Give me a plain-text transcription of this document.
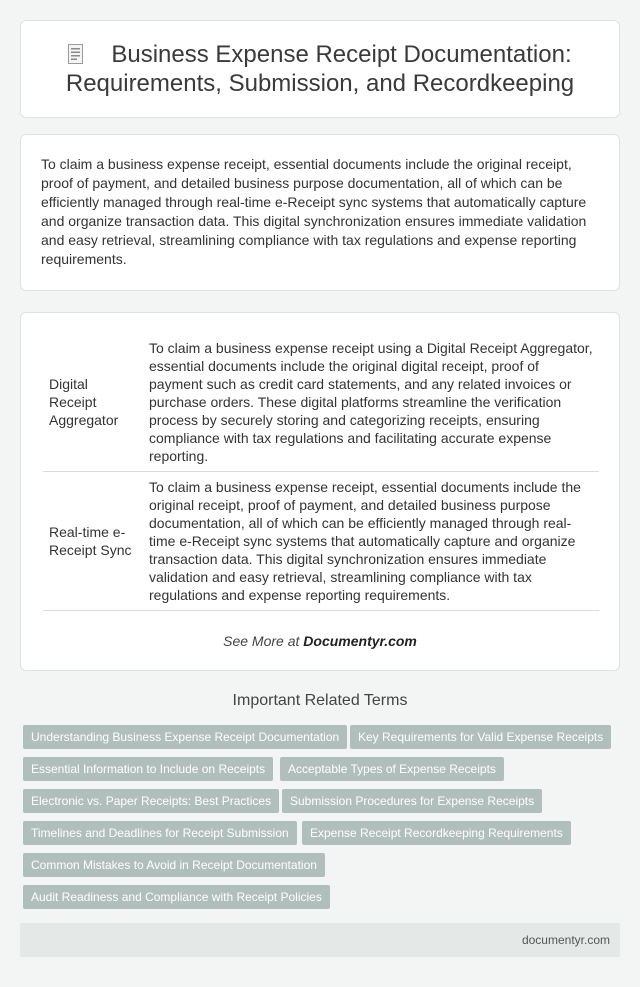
Business Expense Receipt Documentation: Requirements, Submission, and Recordkeeping

To claim a business expense receipt, essential documents include the original receipt, proof of payment, and detailed business purpose documentation, all of which can be efficiently managed through real-time e-Receipt sync systems that automatically capture and organize transaction data. This digital synchronization ensures immediate validation and easy retrieval, streamlining compliance with tax regulations and expense reporting requirements.

Digital Receipt Aggregator	To claim a business expense receipt using a Digital Receipt Aggregator, essential documents include the original digital receipt, proof of payment such as credit card statements, and any related invoices or purchase orders. These digital platforms streamline the verification process by securely storing and categorizing receipts, ensuring compliance with tax regulations and facilitating accurate expense reporting.
Real-time e-Receipt Sync	To claim a business expense receipt, essential documents include the original receipt, proof of payment, and detailed business purpose documentation, all of which can be efficiently managed through real-time e-Receipt sync systems that automatically capture and organize transaction data. This digital synchronization ensures immediate validation and easy retrieval, streamlining compliance with tax regulations and expense reporting requirements.
See More at Documentyr.com
Important Related Terms
Understanding Business Expense Receipt Documentation	Key Requirements for Valid Expense Receipts
Essential Information to Include on Receipts	Acceptable Types of Expense Receipts
Electronic vs. Paper Receipts: Best Practices	Submission Procedures for Expense Receipts
Timelines and Deadlines for Receipt Submission	Expense Receipt Recordkeeping Requirements
Common Mistakes to Avoid in Receipt Documentation
Audit Readiness and Compliance with Receipt Policies
documentyr.com
